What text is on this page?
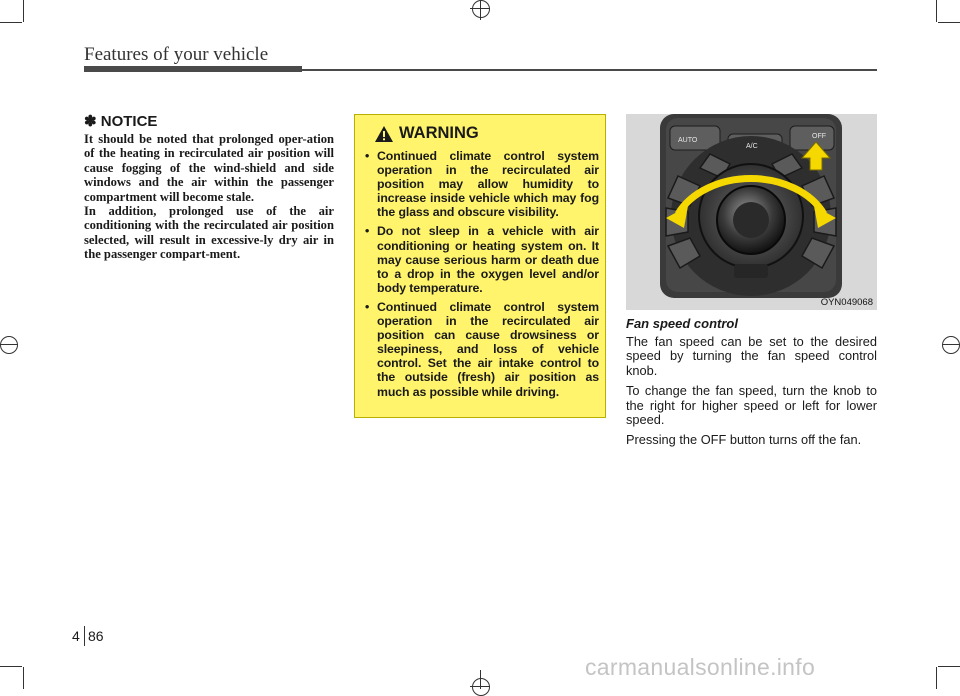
Features of your vehicle
✽ NOTICE

It should be noted that prolonged oper-ation of the heating in recirculated air position will cause fogging of the wind-shield and side windows and the air within the passenger compartment will become stale.

In addition, prolonged use of the air conditioning with the recirculated air position selected, will result in excessive-ly dry air in the passenger compart-ment.

WARNING
• Continued climate control system operation in the recirculated air position may allow humidity to increase inside vehicle which may fog the glass and obscure visibility.
• Do not sleep in a vehicle with air conditioning or heating system on. It may cause serious harm or death due to a drop in the oxygen level and/or body temperature.
• Continued climate control system operation in the recirculated air position can cause drowsiness or sleepiness, and loss of vehicle control. Set the air intake control to the outside (fresh) air position as much as possible while driving.
AUTO
A/C
OFF
OYN049068
Fan speed control

The fan speed can be set to the desired speed by turning the fan speed control knob.

To change the fan speed, turn the knob to the right for higher speed or left for lower speed.

Pressing the OFF button turns off the fan.

4 86
carmanualsonline.info
